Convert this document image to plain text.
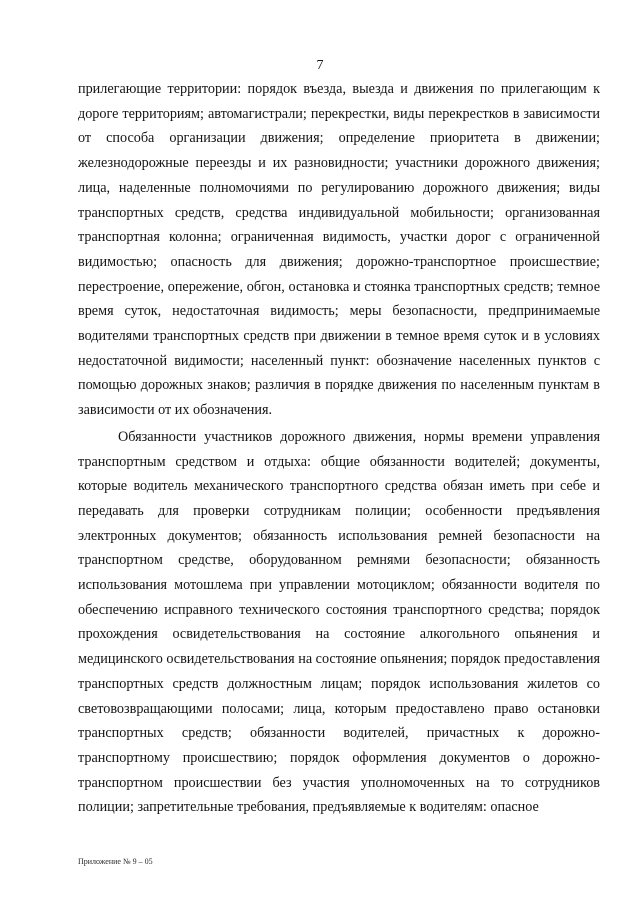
7

прилегающие территории: порядок въезда, выезда и движения по прилегающим к дороге территориям; автомагистрали; перекрестки, виды перекрестков в зависимости от способа организации движения; определение приоритета в движении; железнодорожные переезды и их разновидности; участники дорожного движения; лица, наделенные полномочиями по регулированию дорожного движения; виды транспортных средств, средства индивидуальной мобильности; организованная транспортная колонна; ограниченная видимость, участки дорог с ограниченной видимостью; опасность для движения; дорожно-транспортное происшествие; перестроение, опережение, обгон, остановка и стоянка транспортных средств; темное время суток, недостаточная видимость; меры безопасности, предпринимаемые водителями транспортных средств при движении в темное время суток и в условиях недостаточной видимости; населенный пункт: обозначение населенных пунктов с помощью дорожных знаков; различия в порядке движения по населенным пунктам в зависимости от их обозначения.

Обязанности участников дорожного движения, нормы времени управления транспортным средством и отдыха: общие обязанности водителей; документы, которые водитель механического транспортного средства обязан иметь при себе и передавать для проверки сотрудникам полиции; особенности предъявления электронных документов; обязанность использования ремней безопасности на транспортном средстве, оборудованном ремнями безопасности; обязанность использования мотошлема при управлении мотоциклом; обязанности водителя по обеспечению исправного технического состояния транспортного средства; порядок прохождения освидетельствования на состояние алкогольного опьянения и медицинского освидетельствования на состояние опьянения; порядок предоставления транспортных средств должностным лицам; порядок использования жилетов со световозвращающими полосами; лица, которым предоставлено право остановки транспортных средств; обязанности водителей, причастных к дорожно-транспортному происшествию; порядок оформления документов о дорожно-транспортном происшествии без участия уполномоченных на то сотрудников полиции; запретительные требования, предъявляемые к водителям: опасное

Приложение № 9 – 05
